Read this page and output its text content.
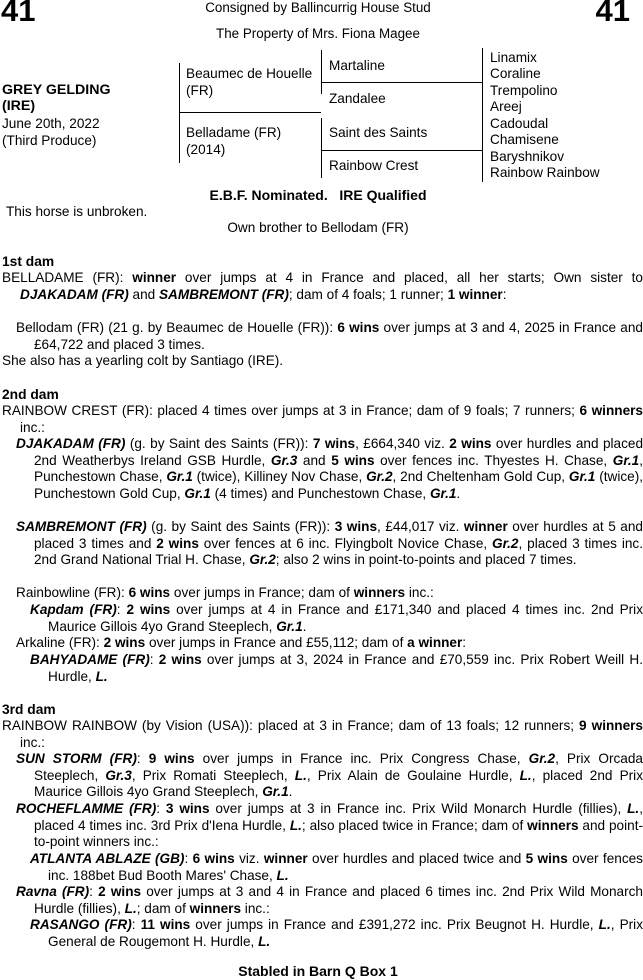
41	41
Consigned by Ballincurrig House Stud
The Property of Mrs. Fiona Magee
GREY GELDING
(IRE)
June 20th, 2022
(Third Produce)
Beaumec de Houelle (FR)
Belladame (FR) (2014)
Martaline
Zandalee
Saint des Saints
Rainbow Crest
Linamix
Coraline
Trempolino
Areej
Cadoudal
Chamisene
Baryshnikov
Rainbow Rainbow
E.B.F. Nominated.   IRE Qualified
This horse is unbroken.
Own brother to Bellodam (FR)
1st dam
BELLADAME (FR): winner over jumps at 4 in France and placed, all her starts; Own sister to DJAKADAM (FR) and SAMBREMONT (FR); dam of 4 foals; 1 runner; 1 winner:
Bellodam (FR) (21 g. by Beaumec de Houelle (FR)): 6 wins over jumps at 3 and 4, 2025 in France and £64,722 and placed 3 times.
She also has a yearling colt by Santiago (IRE).
2nd dam
RAINBOW CREST (FR): placed 4 times over jumps at 3 in France; dam of 9 foals; 7 runners; 6 winners inc.:
DJAKADAM (FR) (g. by Saint des Saints (FR)): 7 wins, £664,340 viz. 2 wins over hurdles and placed 2nd Weatherbys Ireland GSB Hurdle, Gr.3 and 5 wins over fences inc. Thyestes H. Chase, Gr.1, Punchestown Chase, Gr.1 (twice), Killiney Nov Chase, Gr.2, 2nd Cheltenham Gold Cup, Gr.1 (twice), Punchestown Gold Cup, Gr.1 (4 times) and Punchestown Chase, Gr.1.
SAMBREMONT (FR) (g. by Saint des Saints (FR)): 3 wins, £44,017 viz. winner over hurdles at 5 and placed 3 times and 2 wins over fences at 6 inc. Flyingbolt Novice Chase, Gr.2, placed 3 times inc. 2nd Grand National Trial H. Chase, Gr.2; also 2 wins in point-to-points and placed 7 times.
Rainbowline (FR): 6 wins over jumps in France; dam of winners inc.:
Kapdam (FR): 2 wins over jumps at 4 in France and £171,340 and placed 4 times inc. 2nd Prix Maurice Gillois 4yo Grand Steeplech, Gr.1.
Arkaline (FR): 2 wins over jumps in France and £55,112; dam of a winner:
BAHYADAME (FR): 2 wins over jumps at 3, 2024 in France and £70,559 inc. Prix Robert Weill H. Hurdle, L.
3rd dam
RAINBOW RAINBOW (by Vision (USA)): placed at 3 in France; dam of 13 foals; 12 runners; 9 winners inc.:
SUN STORM (FR): 9 wins over jumps in France inc. Prix Congress Chase, Gr.2, Prix Orcada Steeplech, Gr.3, Prix Romati Steeplech, L., Prix Alain de Goulaine Hurdle, L., placed 2nd Prix Maurice Gillois 4yo Grand Steeplech, Gr.1.
ROCHEFLAMME (FR): 3 wins over jumps at 3 in France inc. Prix Wild Monarch Hurdle (fillies), L., placed 4 times inc. 3rd Prix d'Iena Hurdle, L.; also placed twice in France; dam of winners and point-to-point winners inc.:
ATLANTA ABLAZE (GB): 6 wins viz. winner over hurdles and placed twice and 5 wins over fences inc. 188bet Bud Booth Mares' Chase, L.
Ravna (FR): 2 wins over jumps at 3 and 4 in France and placed 6 times inc. 2nd Prix Wild Monarch Hurdle (fillies), L.; dam of winners inc.:
RASANGO (FR): 11 wins over jumps in France and £391,272 inc. Prix Beugnot H. Hurdle, L., Prix General de Rougemont H. Hurdle, L.
Stabled in Barn Q Box 1
